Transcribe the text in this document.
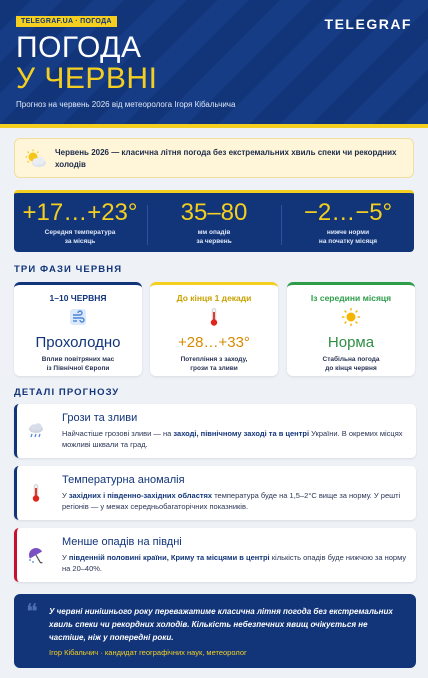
TELEGRAF.UA · ПОГОДА	TELEGRAF
ПОГОДА
У ЧЕРВНІ
Прогноз на червень 2026 від метеоролога Ігоря Кібальчича
Червень 2026 — класична літня погода без екстремальних хвиль спеки чи рекордних холодів
+17…+23°
Середня температура
за місяць
35–80
мм опадів
за червень
−2…−5°
нижче норми
на початку місяця
ТРИ ФАЗИ ЧЕРВНЯ
1–10 ЧЕРВНЯ
Прохолодно
Вплив повітряних мас
із Північної Європи
До кінця 1 декади
+28…+33°
Потепління з заходу,
грози та зливи
Із середини місяця
Норма
Стабільна погода
до кінця червня
ДЕТАЛІ ПРОГНОЗУ
Грози та зливи
Найчастіше грозові зливи — на заході, північному заході та в центрі України. В окремих місцях можливі шквали та град.
Температурна аномалія
У західних і південно-західних областях температура буде на 1,5–2°C вище за норму. У решті регіонів — у межах середньобагаторічних показників.
Менше опадів на півдні
У південній половині країни, Криму та місцями в центрі кількість опадів буде нижчою за норму на 20–40%.
❝ У червні нинішнього року переважатиме класична літня погода без екстремальних хвиль спеки чи рекордних холодів. Кількість небезпечних явищ очікується не частіше, ніж у попередні роки.
Ігор Кібальчич · кандидат географічних наук, метеоролог
